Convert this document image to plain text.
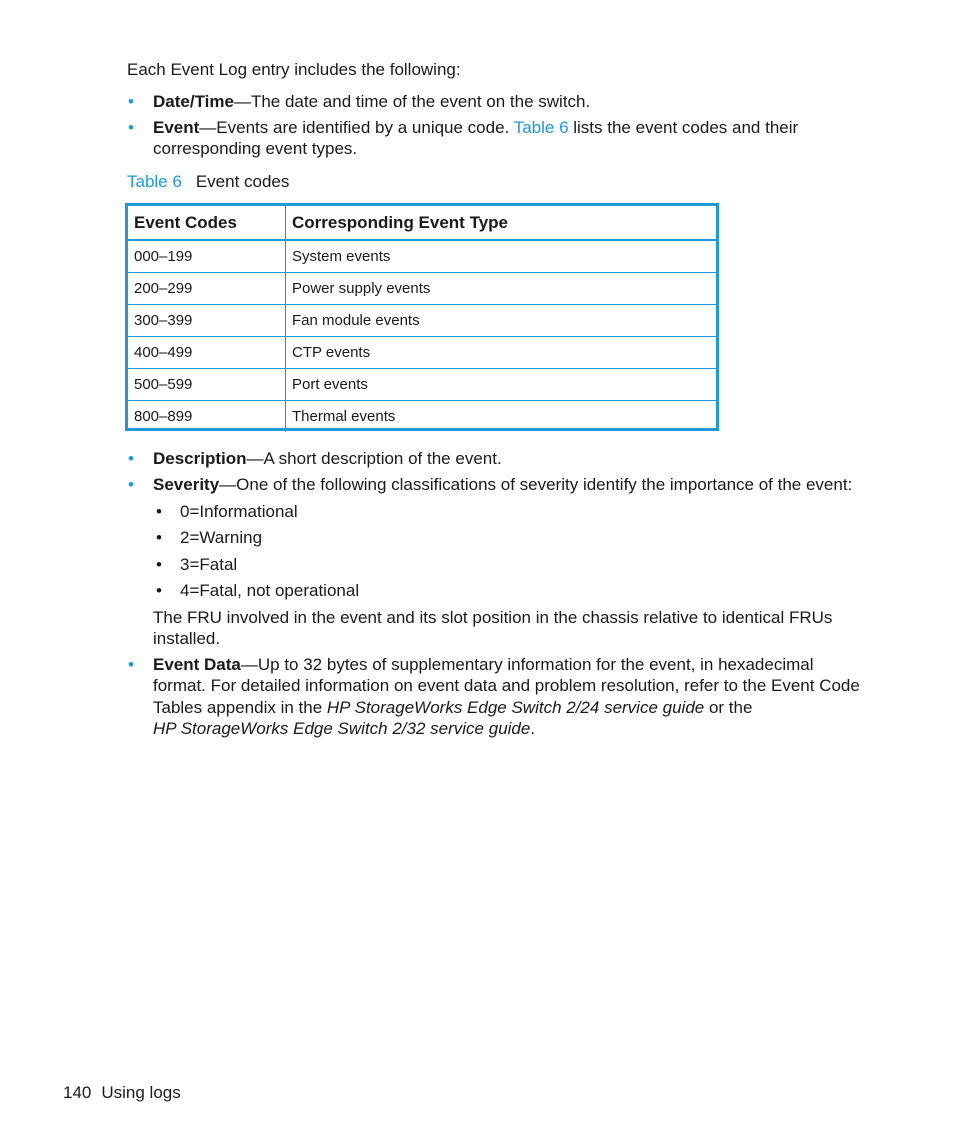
Each Event Log entry includes the following:
• Date/Time—The date and time of the event on the switch.
• Event—Events are identified by a unique code. Table 6 lists the event codes and their
corresponding event types.
Table 6 Event codes
Event Codes	Corresponding Event Type
000–199	System events
200–299	Power supply events
300–399	Fan module events
400–499	CTP events
500–599	Port events
800–899	Thermal events
• Description—A short description of the event.
• Severity—One of the following classifications of severity identify the importance of the event:
• 0=Informational
• 2=Warning
• 3=Fatal
• 4=Fatal, not operational
The FRU involved in the event and its slot position in the chassis relative to identical FRUs
installed.
• Event Data—Up to 32 bytes of supplementary information for the event, in hexadecimal
format. For detailed information on event data and problem resolution, refer to the Event Code
Tables appendix in the HP StorageWorks Edge Switch 2/24 service guide or the
HP StorageWorks Edge Switch 2/32 service guide.
140 Using logs
